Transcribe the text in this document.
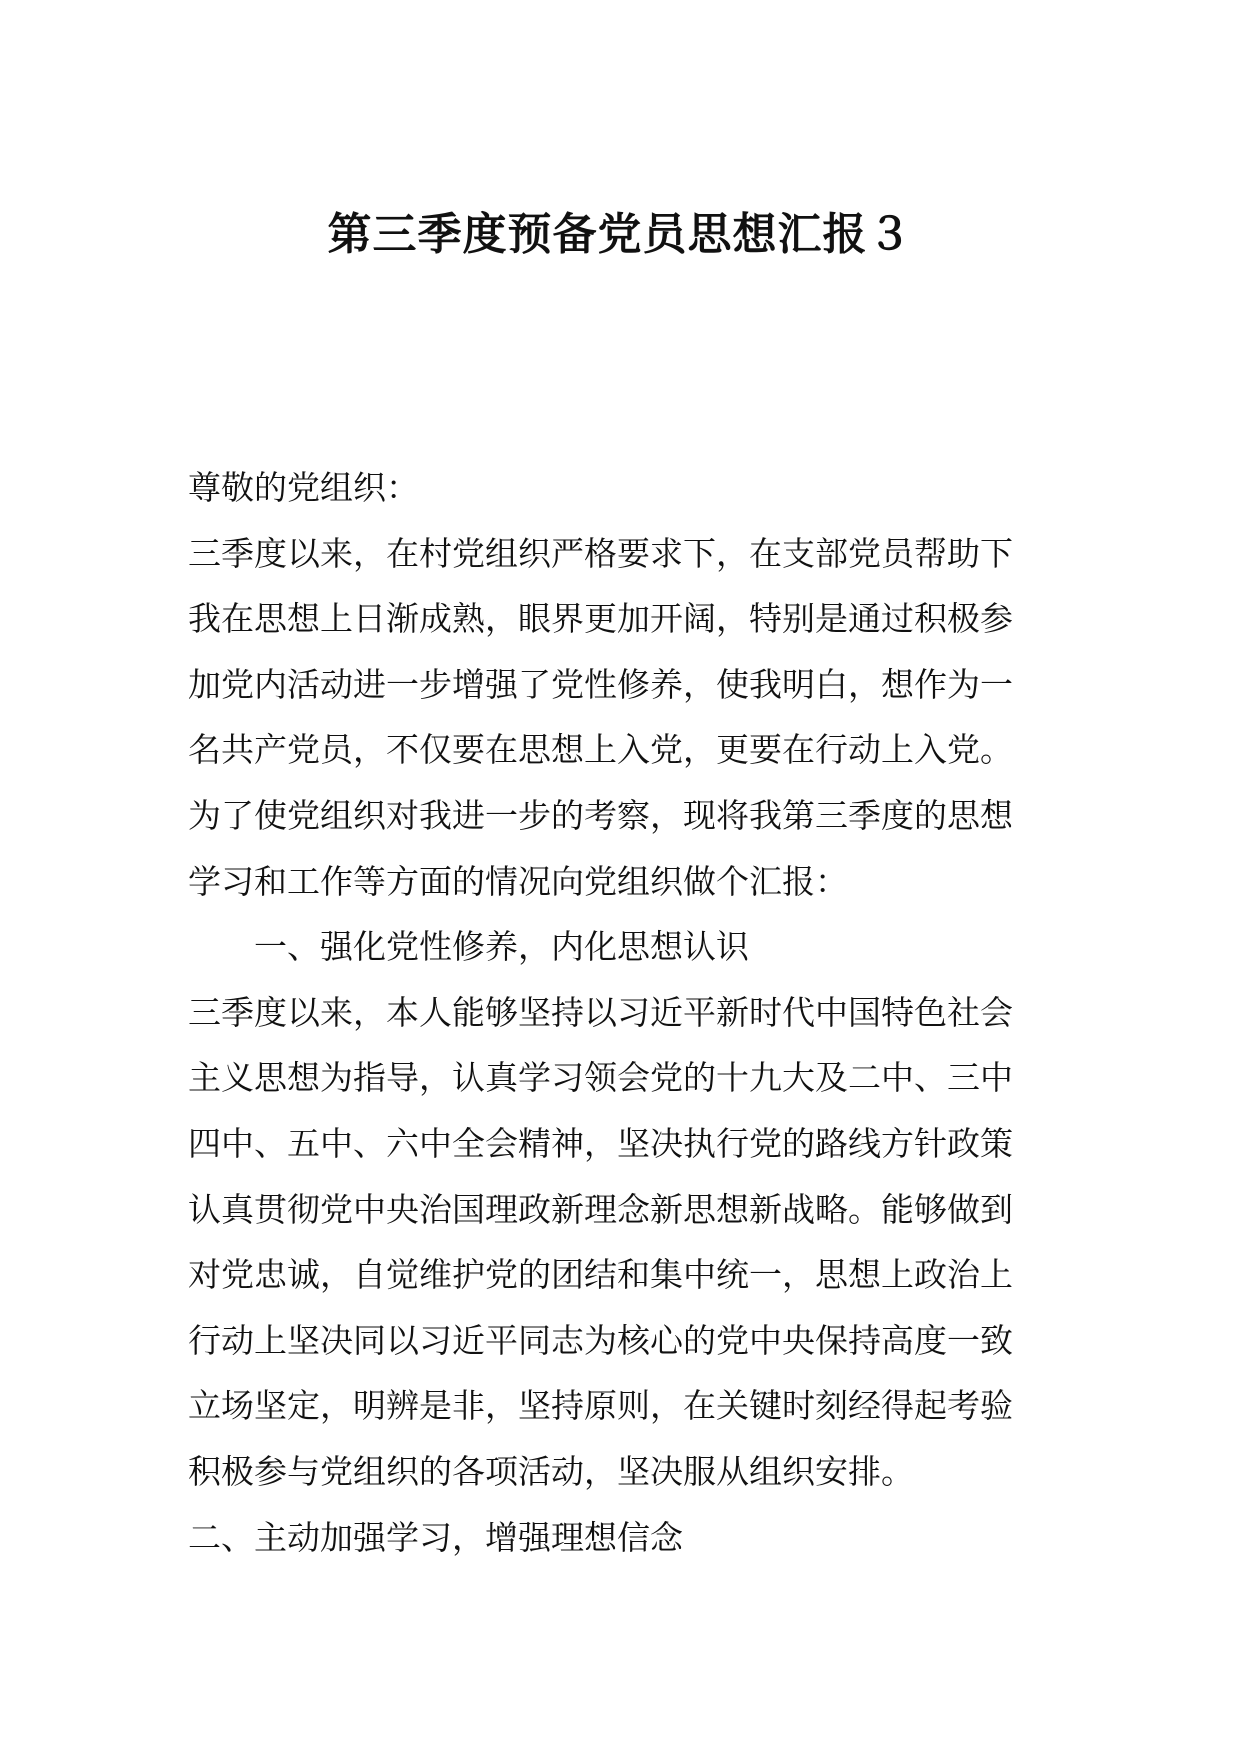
第三季度预备党员思想汇报３
尊敬的党组织：
三季度以来，在村党组织严格要求下，在支部党员帮助下
我在思想上日渐成熟，眼界更加开阔，特别是通过积极参
加党内活动进一步增强了党性修养，使我明白，想作为一
名共产党员，不仅要在思想上入党，更要在行动上入党。
为了使党组织对我进一步的考察，现将我第三季度的思想
学习和工作等方面的情况向党组织做个汇报：
一、强化党性修养，内化思想认识
三季度以来，本人能够坚持以习近平新时代中国特色社会
主义思想为指导，认真学习领会党的十九大及二中、三中
四中、五中、六中全会精神，坚决执行党的路线方针政策
认真贯彻党中央治国理政新理念新思想新战略。能够做到
对党忠诚，自觉维护党的团结和集中统一，思想上政治上
行动上坚决同以习近平同志为核心的党中央保持高度一致
立场坚定，明辨是非，坚持原则，在关键时刻经得起考验
积极参与党组织的各项活动，坚决服从组织安排。
二、主动加强学习，增强理想信念
